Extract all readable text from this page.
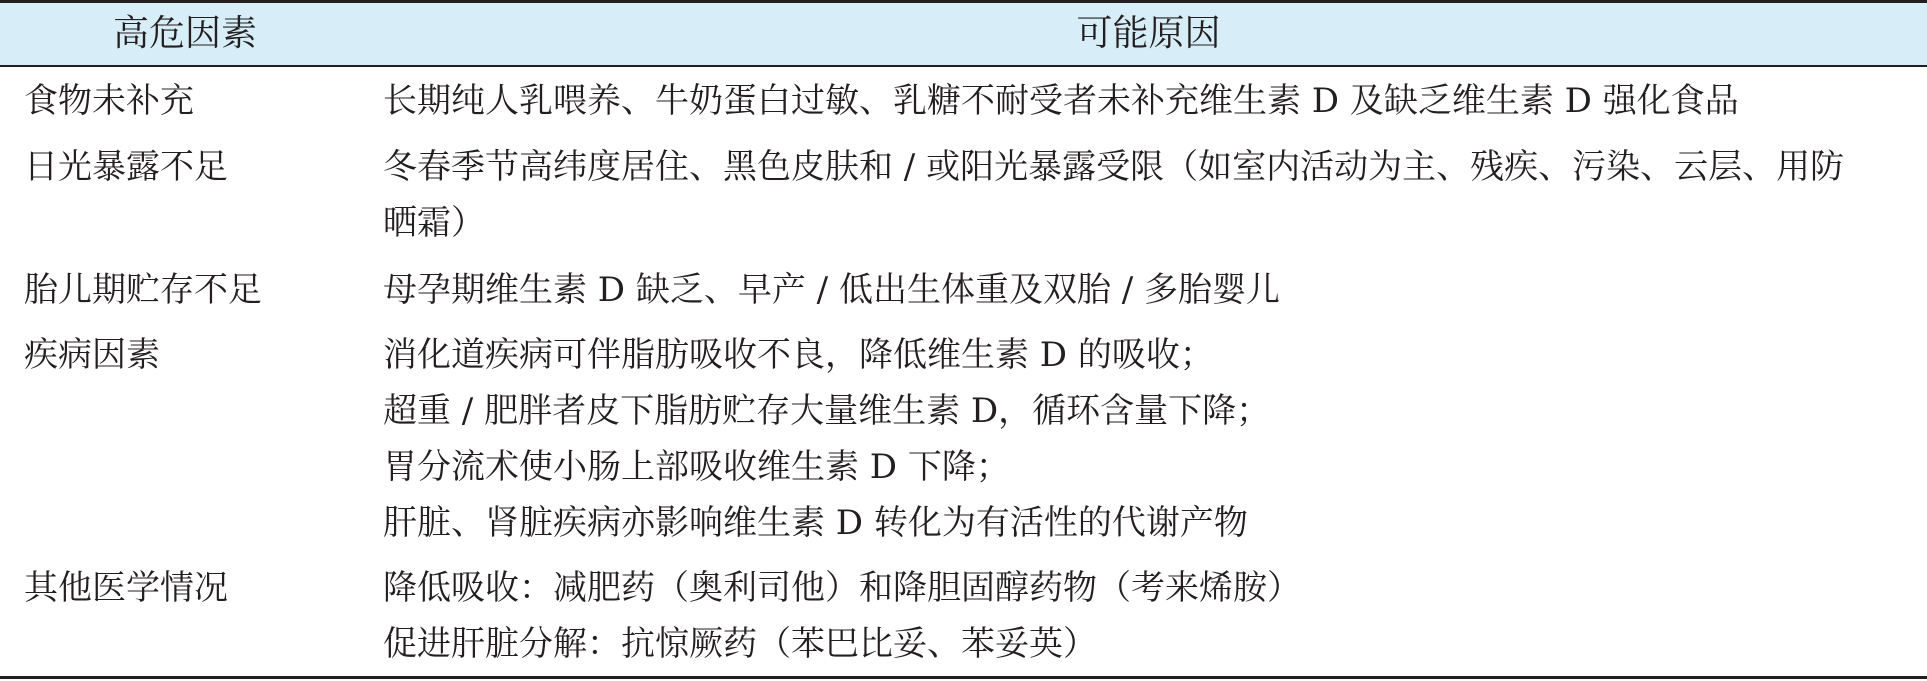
高危因素	可能原因
食物未补充	长期纯人乳喂养、牛奶蛋白过敏、乳糖不耐受者未补充维生素 D 及缺乏维生素 D 强化食品
日光暴露不足	冬春季节高纬度居住、黑色皮肤和 / 或阳光暴露受限（如室内活动为主、残疾、污染、云层、用防
晒霜）
胎儿期贮存不足	母孕期维生素 D 缺乏、早产 / 低出生体重及双胎 / 多胎婴儿
疾病因素	消化道疾病可伴脂肪吸收不良，降低维生素 D 的吸收；
超重 / 肥胖者皮下脂肪贮存大量维生素 D，循环含量下降；
胃分流术使小肠上部吸收维生素 D 下降；
肝脏、肾脏疾病亦影响维生素 D 转化为有活性的代谢产物
其他医学情况	降低吸收：减肥药（奥利司他）和降胆固醇药物（考来烯胺）
促进肝脏分解：抗惊厥药（苯巴比妥、苯妥英）
